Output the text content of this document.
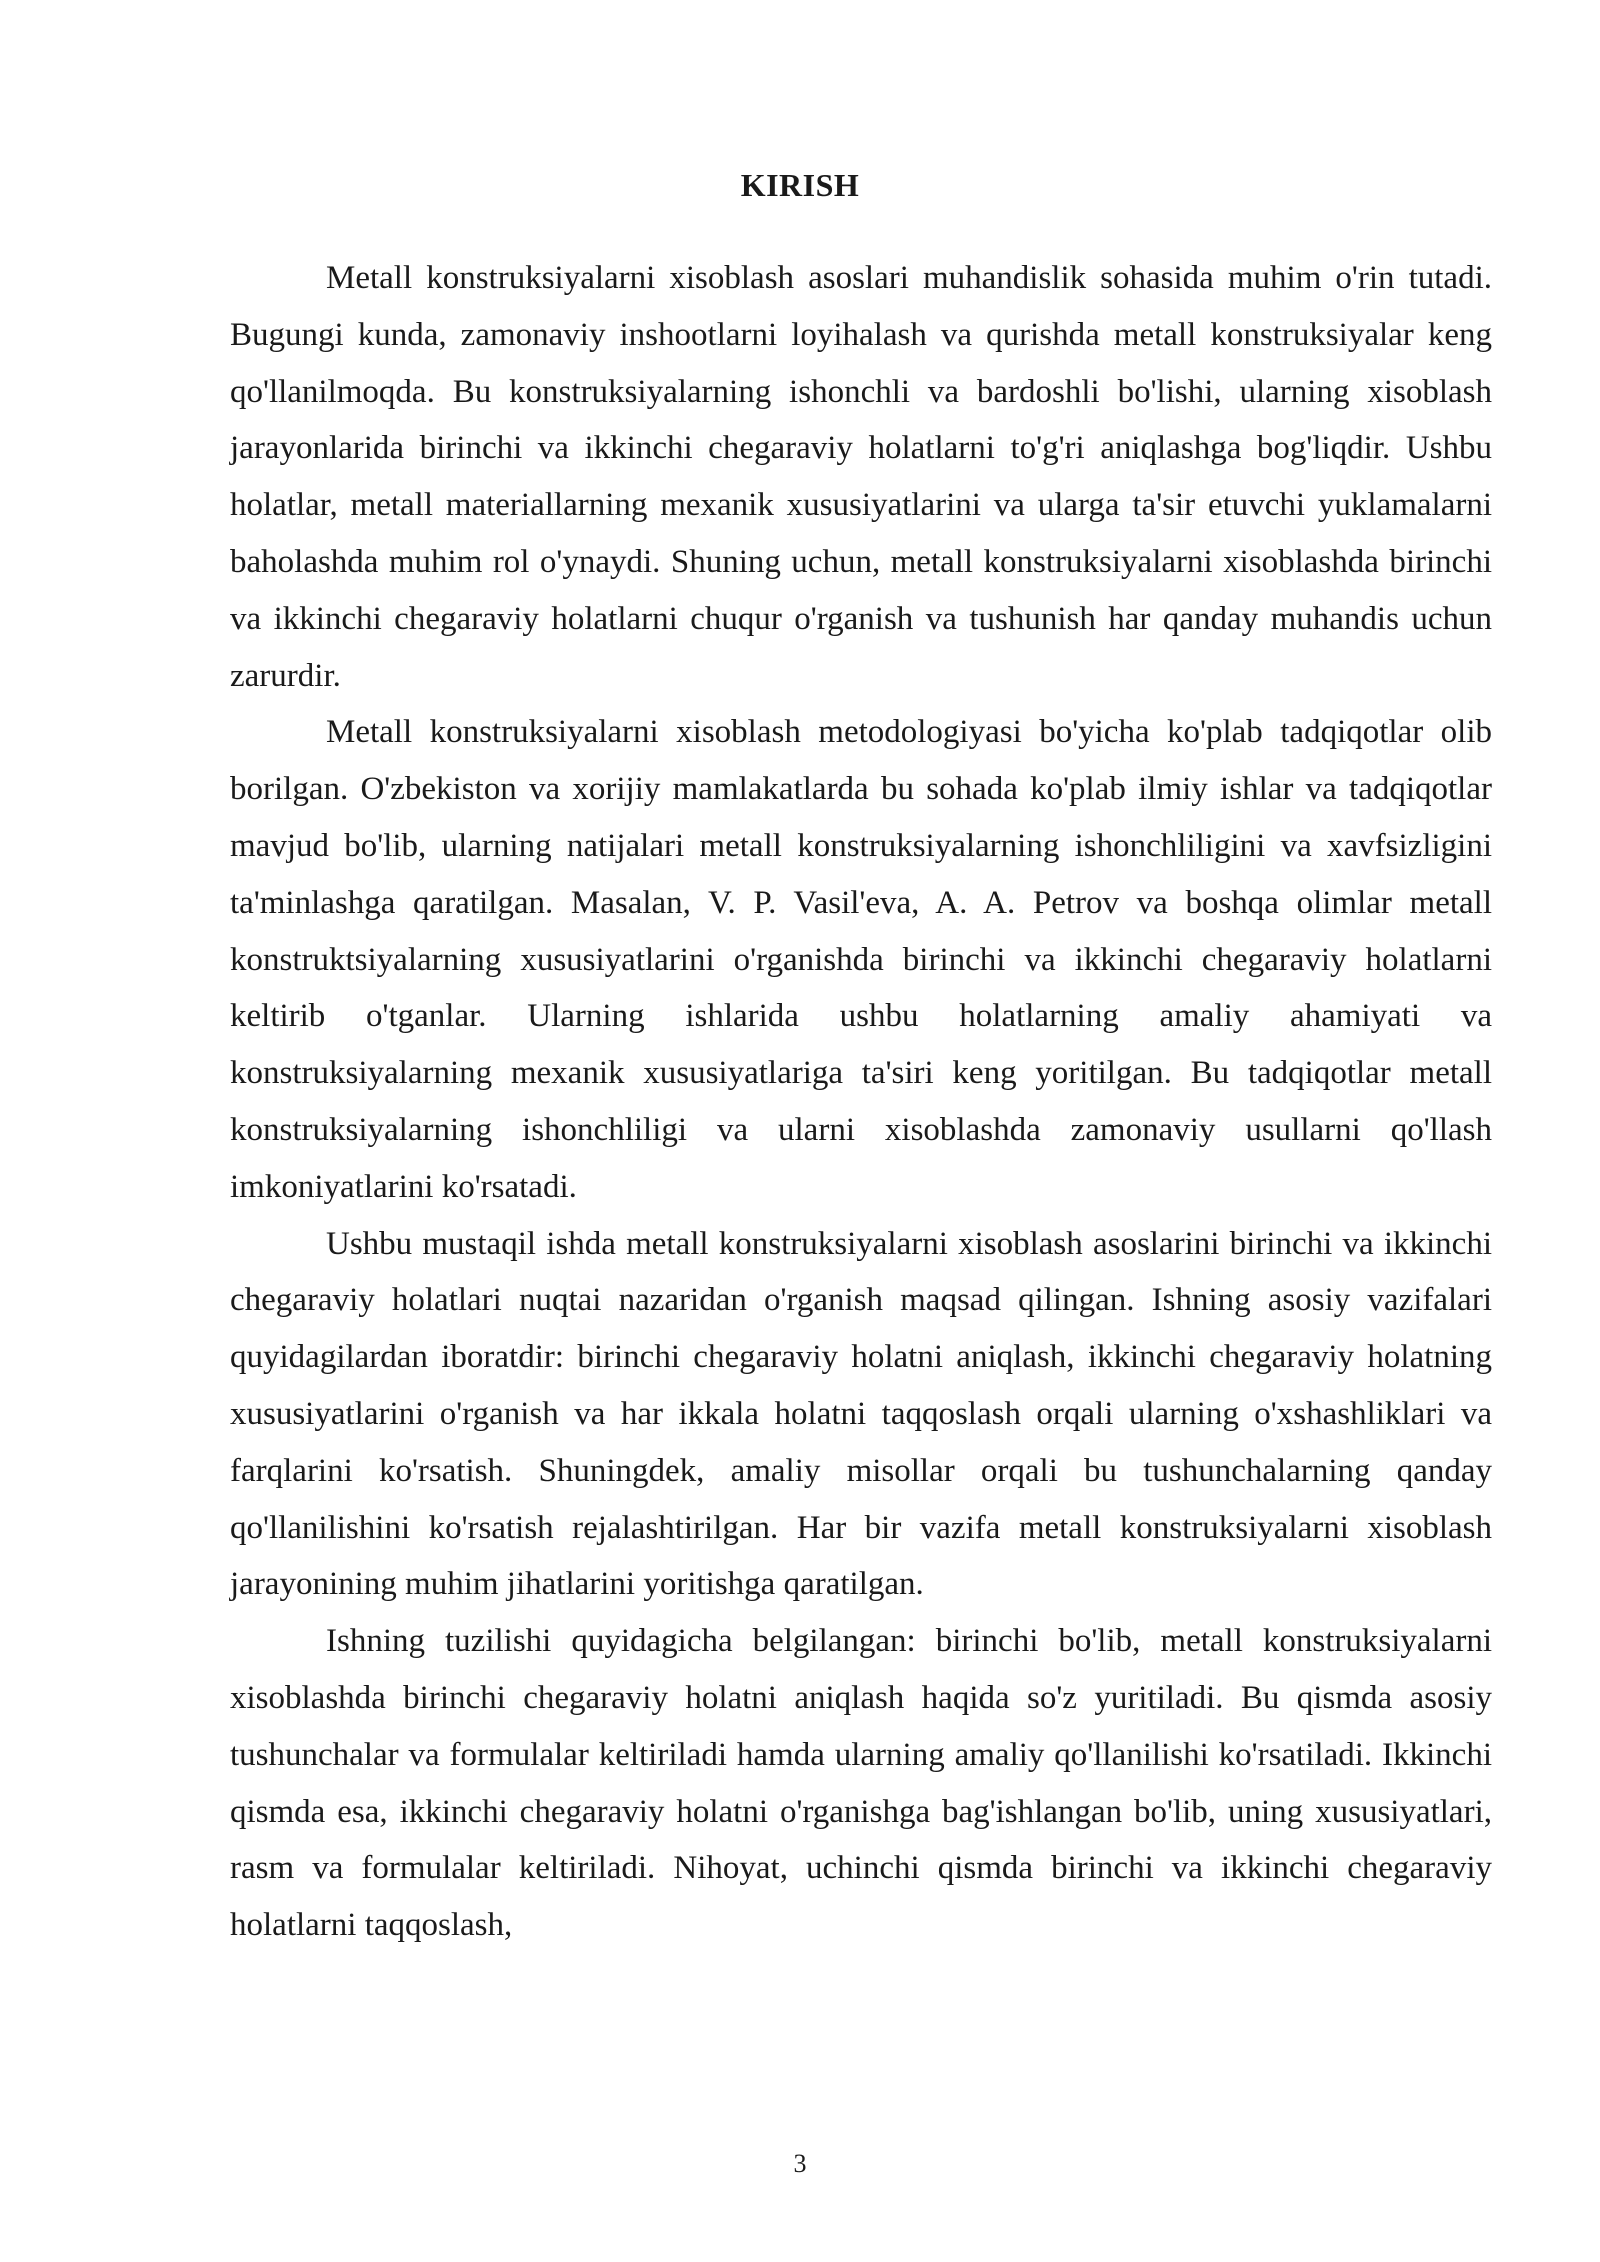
KIRISH

Metall konstruksiyalarni xisoblash asoslari muhandislik sohasida muhim o'rin tutadi. Bugungi kunda, zamonaviy inshootlarni loyihalash va qurishda metall konstruksiyalar keng qo'llanilmoqda. Bu konstruksiyalarning ishonchli va bardoshli bo'lishi, ularning xisoblash jarayonlarida birinchi va ikkinchi chegaraviy holatlarni to'g'ri aniqlashga bog'liqdir. Ushbu holatlar, metall materiallarning mexanik xususiyatlarini va ularga ta'sir etuvchi yuklamalarni baholashda muhim rol o'ynaydi. Shuning uchun, metall konstruksiyalarni xisoblashda birinchi va ikkinchi chegaraviy holatlarni chuqur o'rganish va tushunish har qanday muhandis uchun zarurdir.

Metall konstruksiyalarni xisoblash metodologiyasi bo'yicha ko'plab tadqiqotlar olib borilgan. O'zbekiston va xorijiy mamlakatlarda bu sohada ko'plab ilmiy ishlar va tadqiqotlar mavjud bo'lib, ularning natijalari metall konstruksiyalarning ishonchliligini va xavfsizligini ta'minlashga qaratilgan. Masalan, V. P. Vasil'eva, A. A. Petrov va boshqa olimlar metall konstruktsiyalarning xususiyatlarini o'rganishda birinchi va ikkinchi chegaraviy holatlarni keltirib o'tganlar. Ularning ishlarida ushbu holatlarning amaliy ahamiyati va konstruksiyalarning mexanik xususiyatlariga ta'siri keng yoritilgan. Bu tadqiqotlar metall konstruksiyalarning ishonchliligi va ularni xisoblashda zamonaviy usullarni qo'llash imkoniyatlarini ko'rsatadi.

Ushbu mustaqil ishda metall konstruksiyalarni xisoblash asoslarini birinchi va ikkinchi chegaraviy holatlari nuqtai nazaridan o'rganish maqsad qilingan. Ishning asosiy vazifalari quyidagilardan iboratdir: birinchi chegaraviy holatni aniqlash, ikkinchi chegaraviy holatning xususiyatlarini o'rganish va har ikkala holatni taqqoslash orqali ularning o'xshashliklari va farqlarini ko'rsatish. Shuningdek, amaliy misollar orqali bu tushunchalarning qanday qo'llanilishini ko'rsatish rejalashtirilgan. Har bir vazifa metall konstruksiyalarni xisoblash jarayonining muhim jihatlarini yoritishga qaratilgan.

Ishning tuzilishi quyidagicha belgilangan: birinchi bo'lib, metall konstruksiyalarni xisoblashda birinchi chegaraviy holatni aniqlash haqida so'z yuritiladi. Bu qismda asosiy tushunchalar va formulalar keltiriladi hamda ularning amaliy qo'llanilishi ko'rsatiladi. Ikkinchi qismda esa, ikkinchi chegaraviy holatni o'rganishga bag'ishlangan bo'lib, uning xususiyatlari, rasm va formulalar keltiriladi. Nihoyat, uchinchi qismda birinchi va ikkinchi chegaraviy holatlarni taqqoslash,

3
